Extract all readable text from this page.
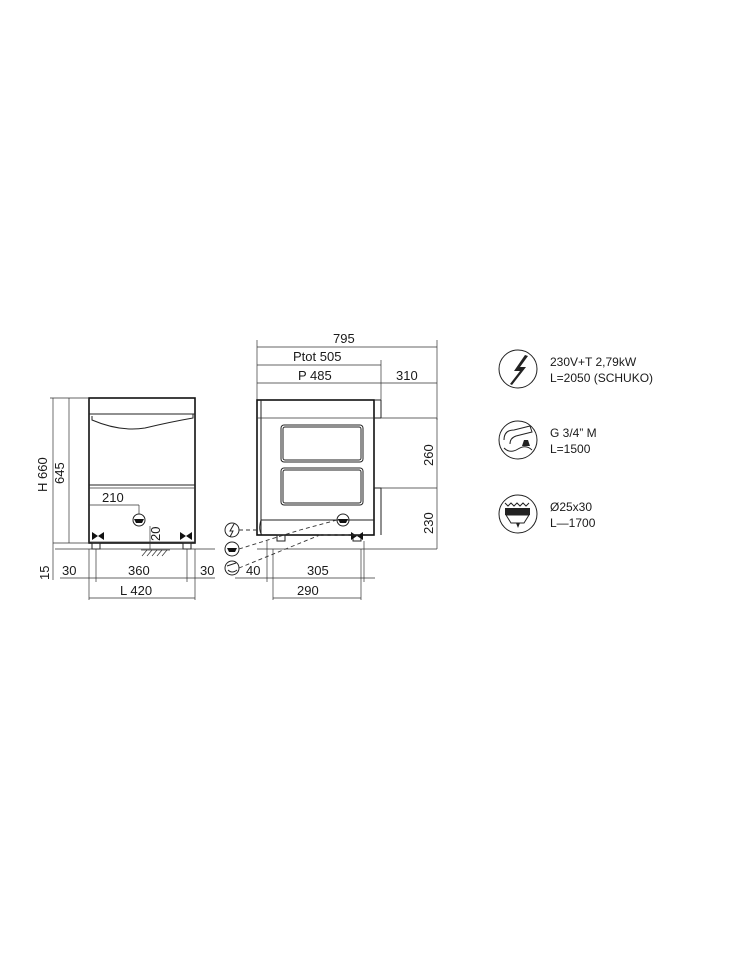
210
20
H 660 645
15 30	360	30
L 420
795
Ptot 505
P 485	310
260
230
40	305
290
230V+T 2,79kW
L=2050 (SCHUKO)
G 3/4” M
L=1500
Ø25x30
L—1700
